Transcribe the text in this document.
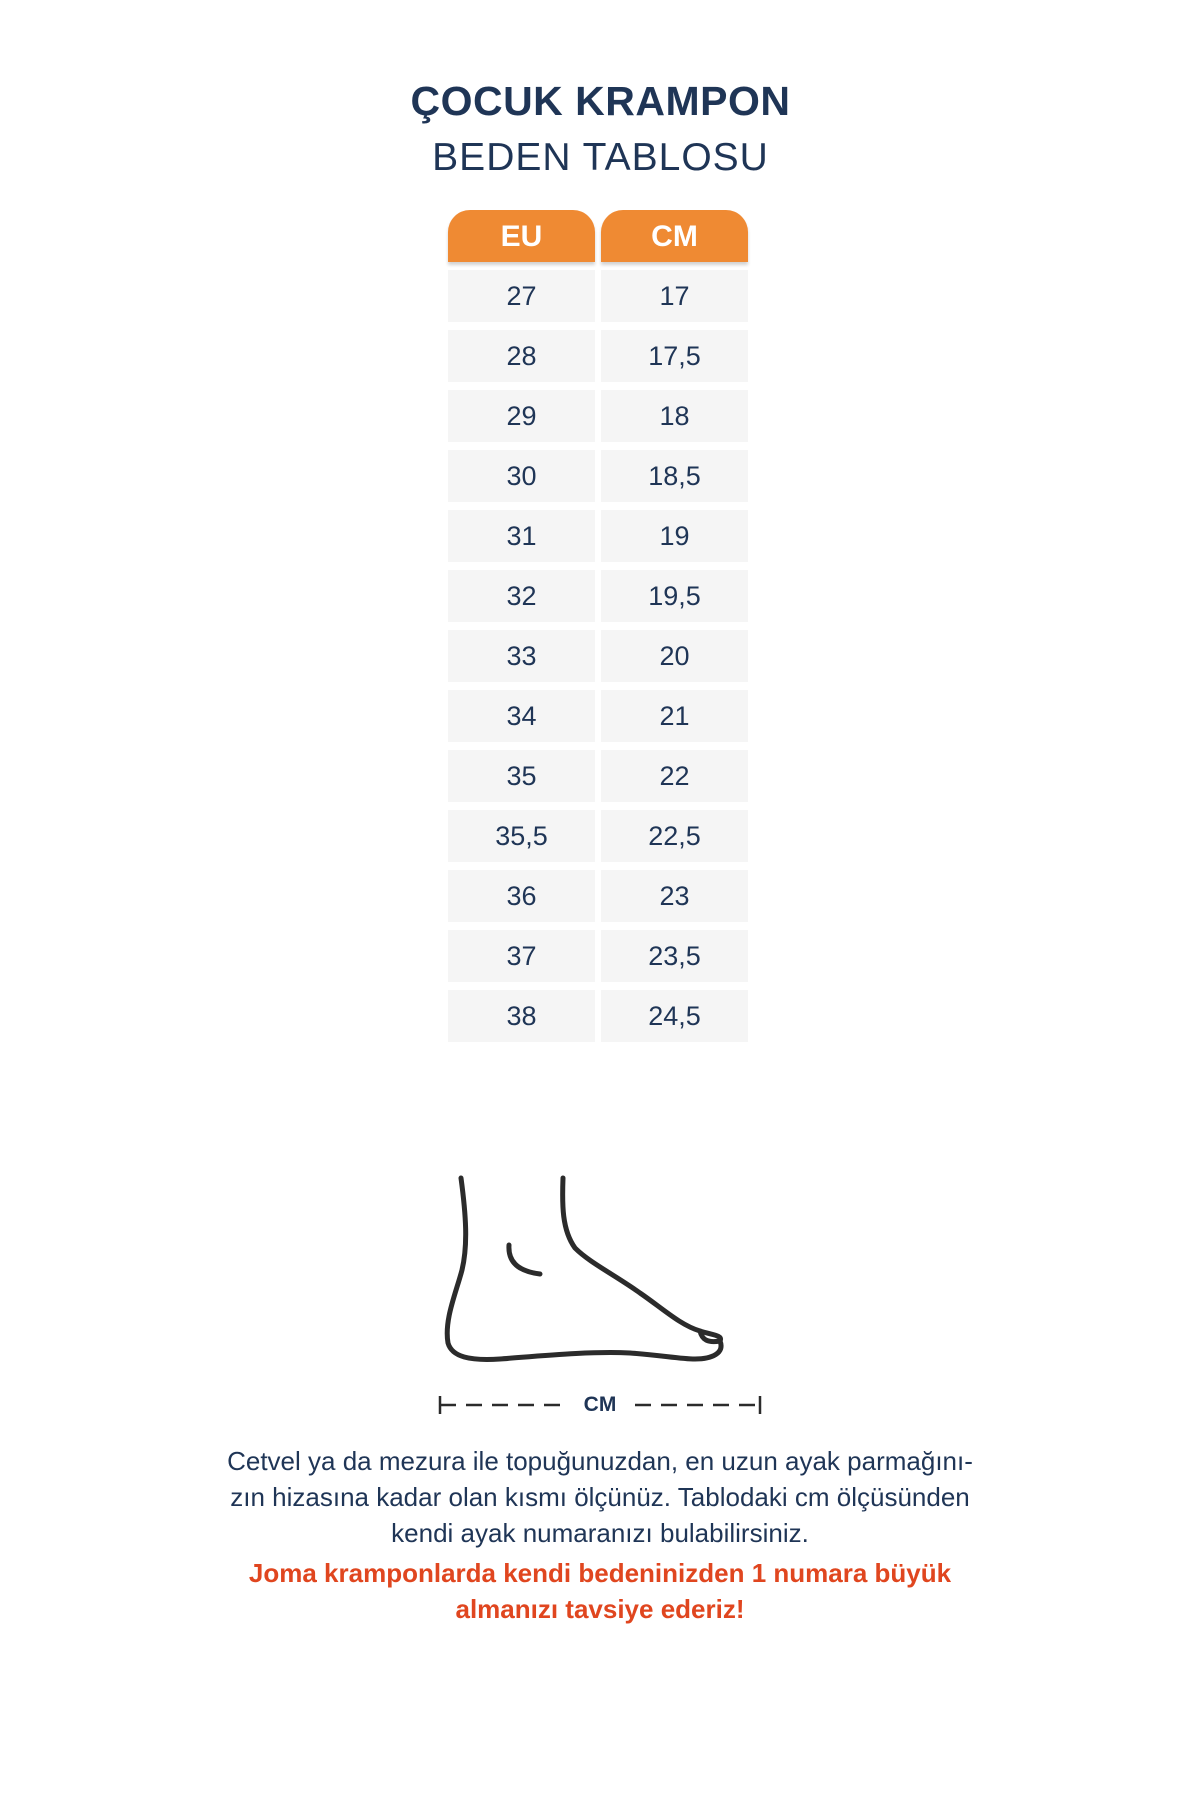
ÇOCUK KRAMPON
BEDEN TABLOSU
EU	CM
27	17
28	17,5
29	18
30	18,5
31	19
32	19,5
33	20
34	21
35	22
35,5	22,5
36	23
37	23,5
38	24,5
CM
Cetvel ya da mezura ile topuğunuzdan, en uzun ayak parmağını-
zın hizasına kadar olan kısmı ölçünüz. Tablodaki cm ölçüsünden
kendi ayak numaranızı bulabilirsiniz.
Joma kramponlarda kendi bedeninizden 1 numara büyük
almanızı tavsiye ederiz!
